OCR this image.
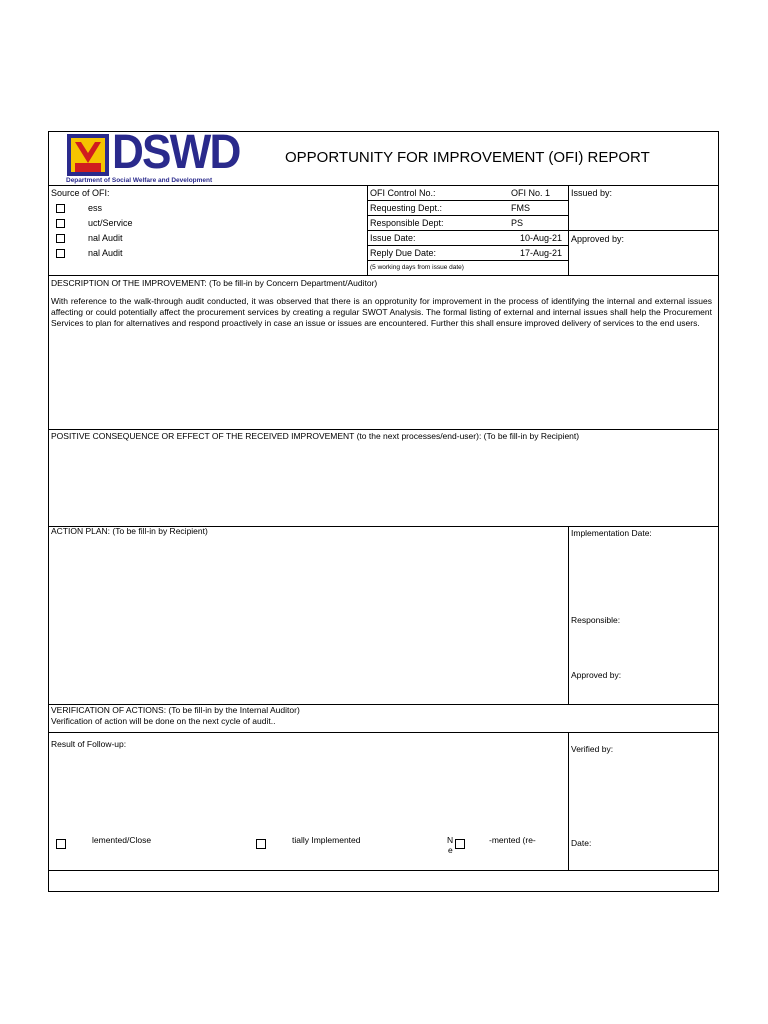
DSWD
Department of Social Welfare and Development
OPPORTUNITY FOR IMPROVEMENT (OFI) REPORT
Source of OFI:
ess
uct/Service
nal Audit
nal Audit
OFI Control No.:	OFI No. 1
Requesting Dept.:	FMS
Responsible Dept:	PS
Issue Date:	10-Aug-21
Reply Due Date:	17-Aug-21
(5 working days from issue date)
Issued by:
Approved by:
DESCRIPTION Of THE IMPROVEMENT: (To be fill-in by Concern Department/Auditor)
With reference to the walk-through audit conducted, it was observed that there is an opprotunity for improvement in the process of identifying the internal and external issues affecting or could potentially affect the procurement services by creating a regular SWOT Analysis. The formal listing of external and internal issues shall help the Procurement Services to plan for alternatives and respond proactively in case an issue or issues are encountered. Further this shall ensure improved delivery of services to the end users.
POSITIVE CONSEQUENCE OR EFFECT OF THE RECEIVED IMPROVEMENT (to the next processes/end-user): (To be fill-in by Recipient)
ACTION PLAN: (To be fill-in by Recipient)	Implementation Date:
Responsible:
Approved by:
VERIFICATION OF ACTIONS: (To be fill-in by the Internal Auditor)
Verification of action will be done on the next cycle of audit..
Result of Follow-up:
lemented/Close	tially Implemented	N	-mented (re-
e
Verified by:
Date:
